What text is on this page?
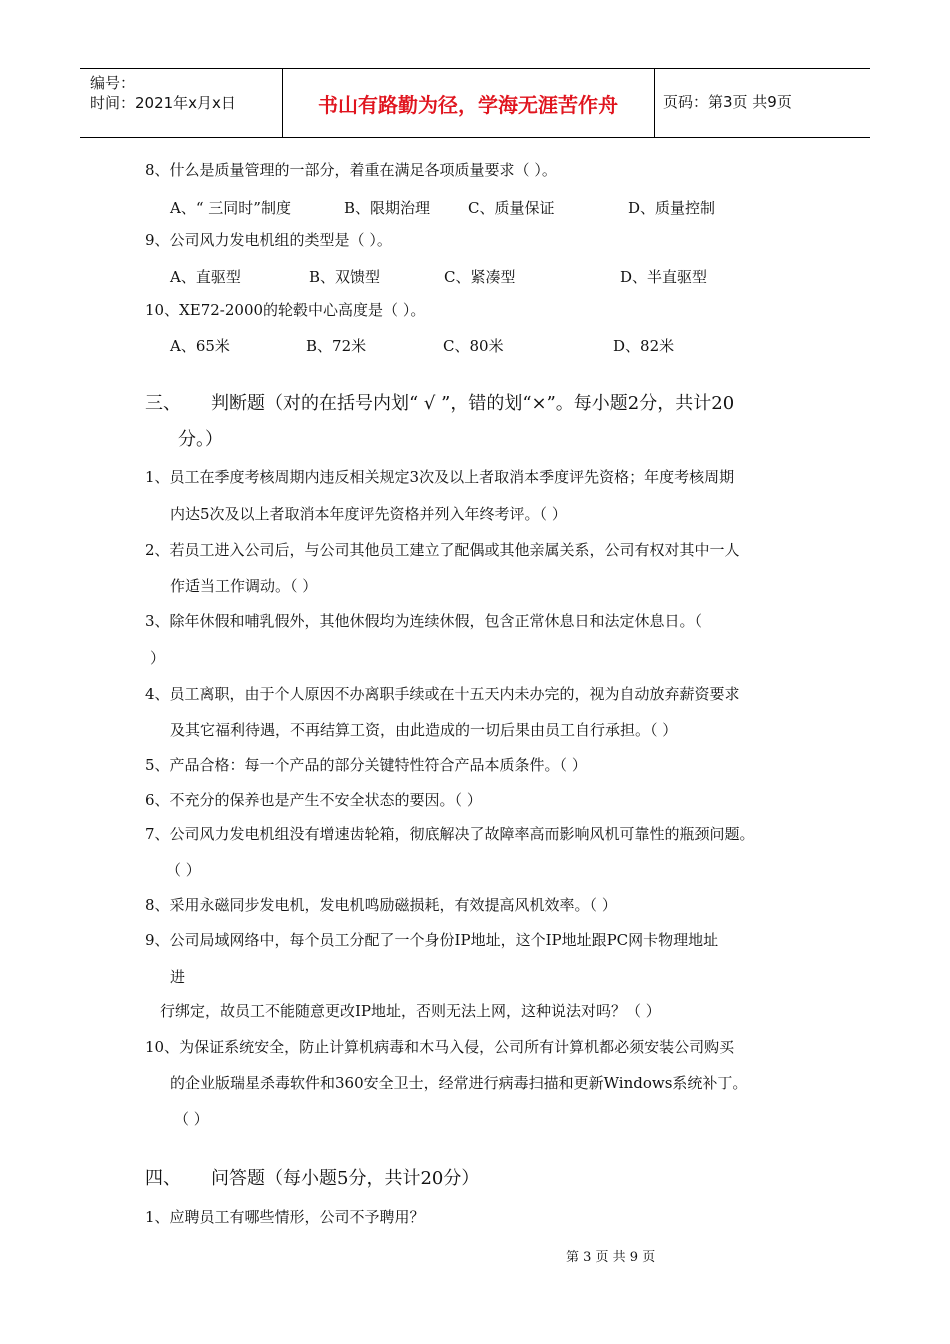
编号：
时间：2021年x月x日	书山有路勤为径，学海无涯苦作舟	页码：第3页 共9页
8、什么是质量管理的一部分，着重在满足各项质量要求（ ）。
A、“ 三同时”制度	B、限期治理	C、质量保证	D、质量控制
9、公司风力发电机组的类型是（ ）。
A、直驱型	B、双馈型	C、紧凑型	D、半直驱型
10、XE72-2000的轮毂中心高度是（ ）。
A、65米	B、72米	C、80米	D、82米
三、 判断题（对的在括号内划“ √ ”，错的划“×”。每小题2分，共计20
分。）
1、员工在季度考核周期内违反相关规定3次及以上者取消本季度评先资格；年度考核周期
内达5次及以上者取消本年度评先资格并列入年终考评。（ ）
2、若员工进入公司后，与公司其他员工建立了配偶或其他亲属关系，公司有权对其中一人
作适当工作调动。（ ）
3、除年休假和哺乳假外，其他休假均为连续休假，包含正常休息日和法定休息日。（
）
4、员工离职，由于个人原因不办离职手续或在十五天内未办完的，视为自动放弃薪资要求
及其它福利待遇，不再结算工资，由此造成的一切后果由员工自行承担。（ ）
5、产品合格：每一个产品的部分关键特性符合产品本质条件。（ ）
6、不充分的保养也是产生不安全状态的要因。（ ）
7、公司风力发电机组没有增速齿轮箱，彻底解决了故障率高而影响风机可靠性的瓶颈问题。
（ ）
8、采用永磁同步发电机，发电机鸣励磁损耗，有效提高风机效率。（ ）
9、公司局域网络中，每个员工分配了一个身份IP地址，这个IP地址跟PC网卡物理地址
进
行绑定，故员工不能随意更改IP地址，否则无法上网，这种说法对吗？（ ）
10、为保证系统安全，防止计算机病毒和木马入侵，公司所有计算机都必须安装公司购买
的企业版瑞星杀毒软件和360安全卫士，经常进行病毒扫描和更新Windows系统补丁。
（ ）
四、 问答题（每小题5分，共计20分）
1、应聘员工有哪些情形，公司不予聘用？
第 3 页 共 9 页
